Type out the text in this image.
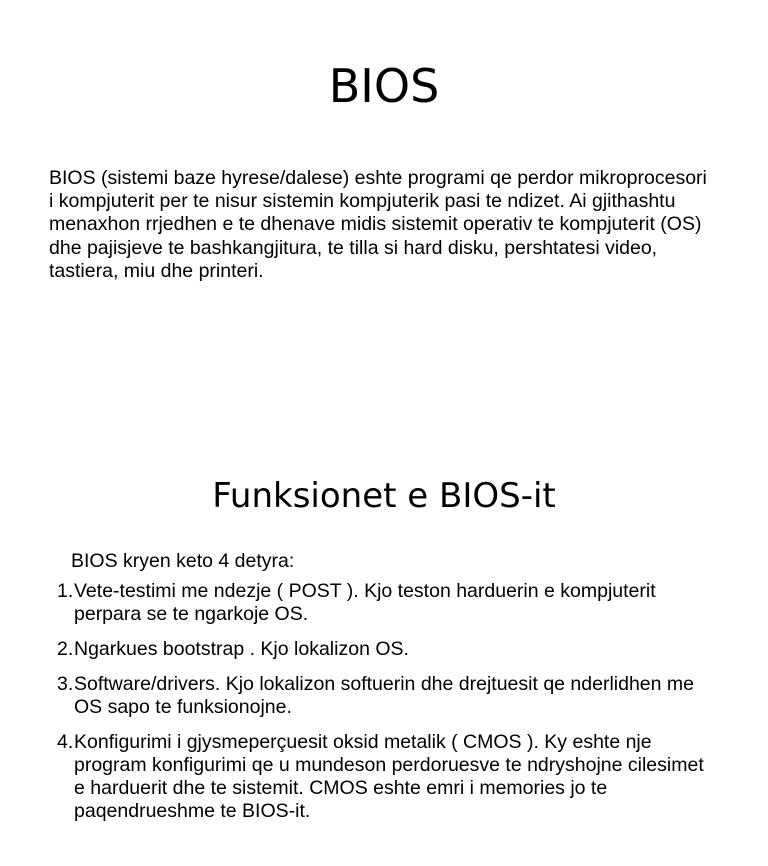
BIOS

BIOS (sistemi baze hyrese/dalese) eshte programi qe perdor mikroprocesori i kompjuterit per te nisur sistemin kompjuterik pasi te ndizet. Ai gjithashtu menaxhon rrjedhen e te dhenave midis sistemit operativ te kompjuterit (OS) dhe pajisjeve te bashkangjitura, te tilla si hard disku, pershtatesi video, tastiera, miu dhe printeri.

Funksionet e BIOS-it

BIOS kryen keto 4 detyra:

1. Vete-testimi me ndezje ( POST ). Kjo teston harduerin e kompjuterit perpara se te ngarkoje OS.
2. Ngarkues bootstrap . Kjo lokalizon OS.
3. Software/drivers. Kjo lokalizon softuerin dhe drejtuesit qe nderlidhen me OS sapo te funksionojne.
4. Konfigurimi i gjysmeperçuesit oksid metalik ( CMOS ). Ky eshte nje program konfigurimi qe u mundeson perdoruesve te ndryshojne cilesimet e harduerit dhe te sistemit. CMOS eshte emri i memories jo te paqendrueshme te BIOS-it.
